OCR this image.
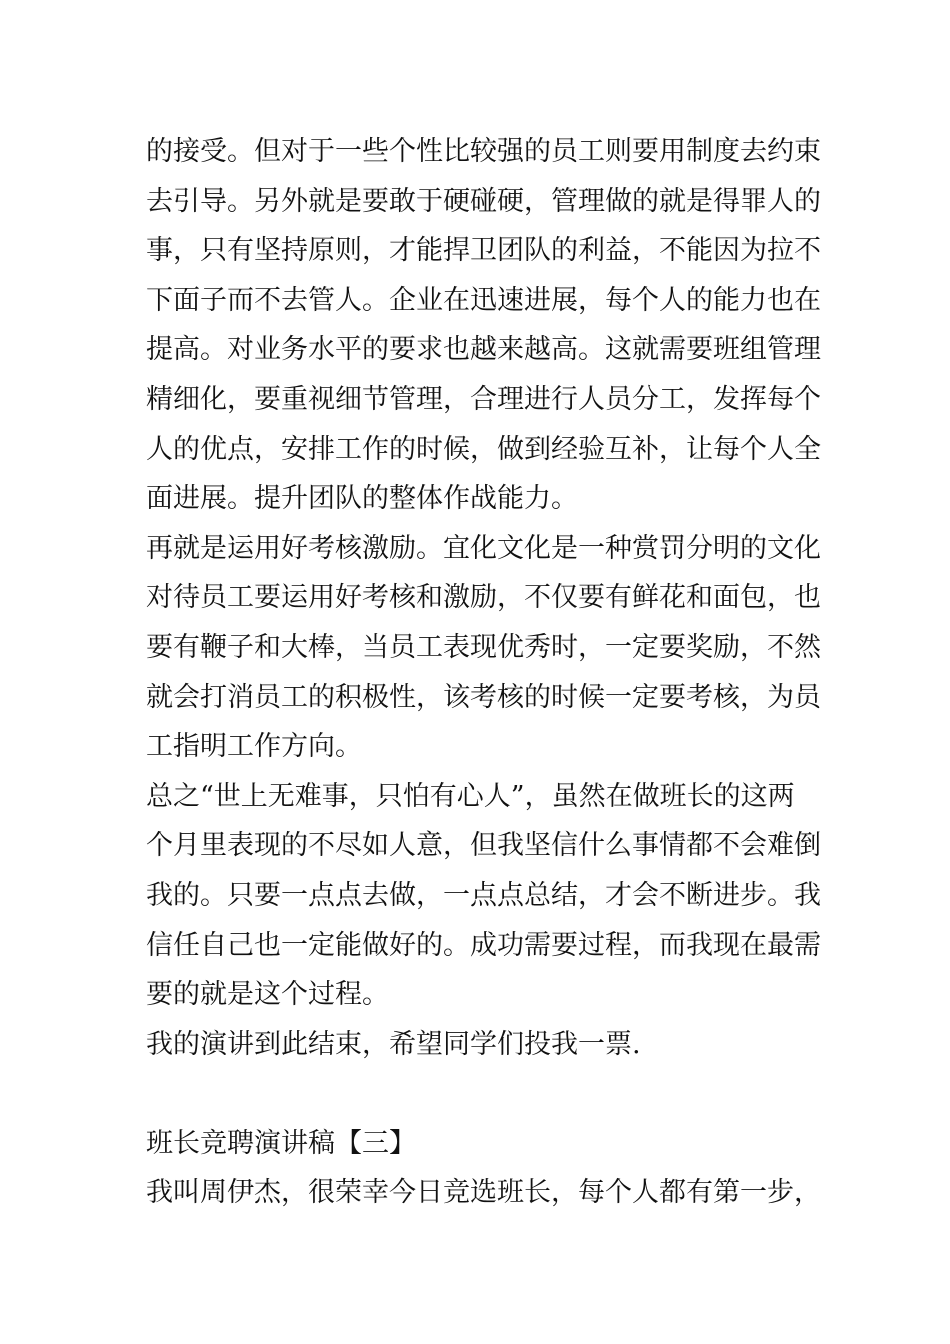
的接受。但对于一些个性比较强的员工则要用制度去约束
去引导。另外就是要敢于硬碰硬，管理做的就是得罪人的
事，只有坚持原则，才能捍卫团队的利益，不能因为拉不
下面子而不去管人。企业在迅速进展，每个人的能力也在
提高。对业务水平的要求也越来越高。这就需要班组管理
精细化，要重视细节管理，合理进行人员分工，发挥每个
人的优点，安排工作的时候，做到经验互补，让每个人全
面进展。提升团队的整体作战能力。
再就是运用好考核激励。宜化文化是一种赏罚分明的文化
对待员工要运用好考核和激励，不仅要有鲜花和面包，也
要有鞭子和大棒，当员工表现优秀时，一定要奖励，不然
就会打消员工的积极性，该考核的时候一定要考核，为员
工指明工作方向。
总之“世上无难事，只怕有心人”，虽然在做班长的这两
个月里表现的不尽如人意，但我坚信什么事情都不会难倒
我的。只要一点点去做，一点点总结，才会不断进步。我
信任自己也一定能做好的。成功需要过程，而我现在最需
要的就是这个过程。
我的演讲到此结束，希望同学们投我一票.
班长竞聘演讲稿【三】
我叫周伊杰，很荣幸今日竞选班长，每个人都有第一步，
